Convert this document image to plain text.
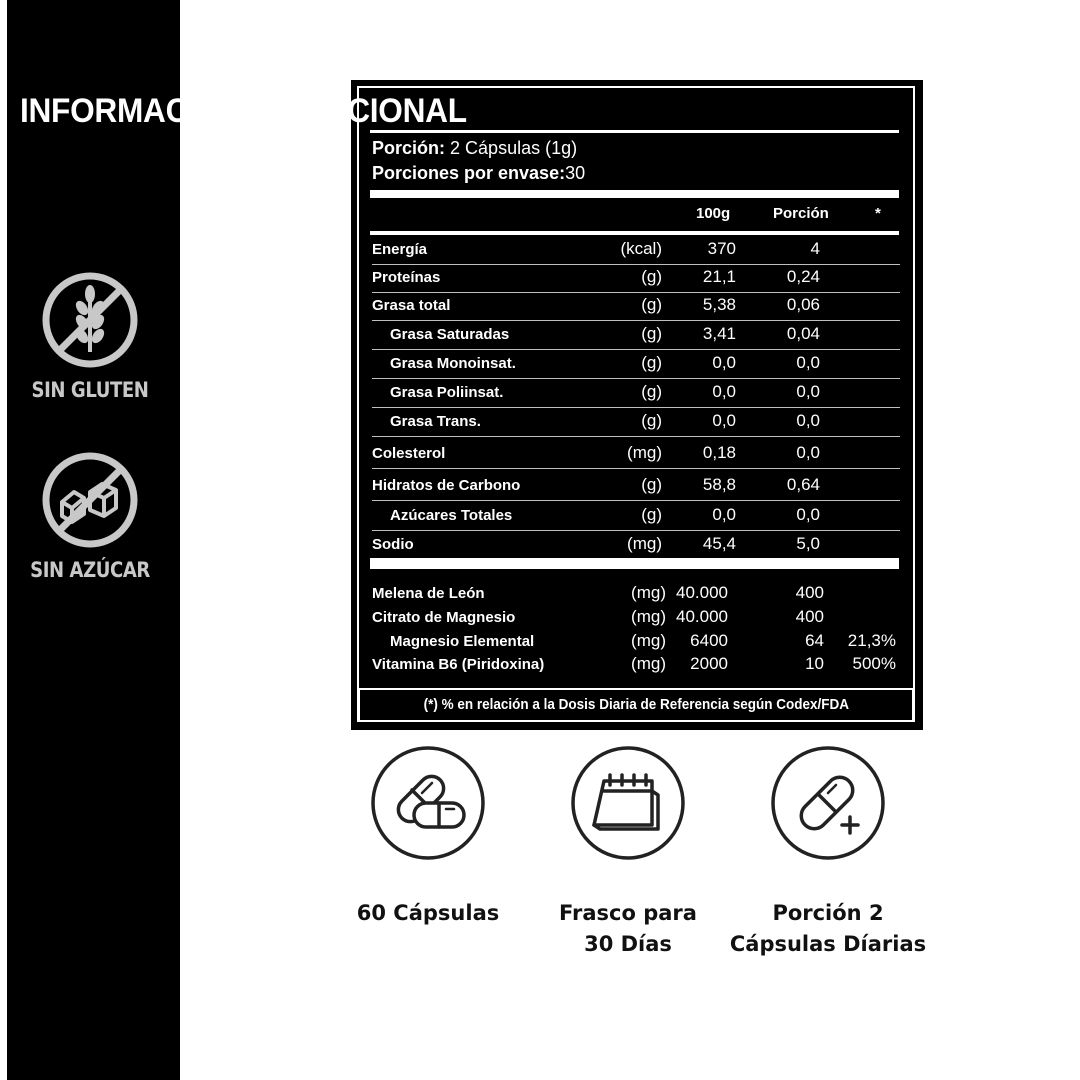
SIN GLUTEN
SIN AZÚCAR
INFORMACIÓN NUTRICIONAL
Porción: 2 Cápsulas (1g)
Porciones por envase:30
100g	Porción	*
Energía	(kcal)	370	4
Proteínas	(g)	21,1	0,24
Grasa total	(g)	5,38	0,06
Grasa Saturadas	(g)	3,41	0,04
Grasa Monoinsat.	(g)	0,0	0,0
Grasa Poliinsat.	(g)	0,0	0,0
Grasa Trans.	(g)	0,0	0,0
Colesterol	(mg)	0,18	0,0
Hidratos de Carbono	(g)	58,8	0,64
Azúcares Totales	(g)	0,0	0,0
Sodio	(mg)	45,4	5,0
Melena de León	(mg) 40.000	400
Citrato de Magnesio	(mg) 40.000	400
Magnesio Elemental	(mg)	6400	64	21,3%
Vitamina B6 (Piridoxina)	(mg)	2000	10	500%
(*) % en relación a la Dosis Diaria de Referencia según Codex/FDA
60 Cápsulas	Frasco para
30 Días
Porción 2
Cápsulas Díarias
